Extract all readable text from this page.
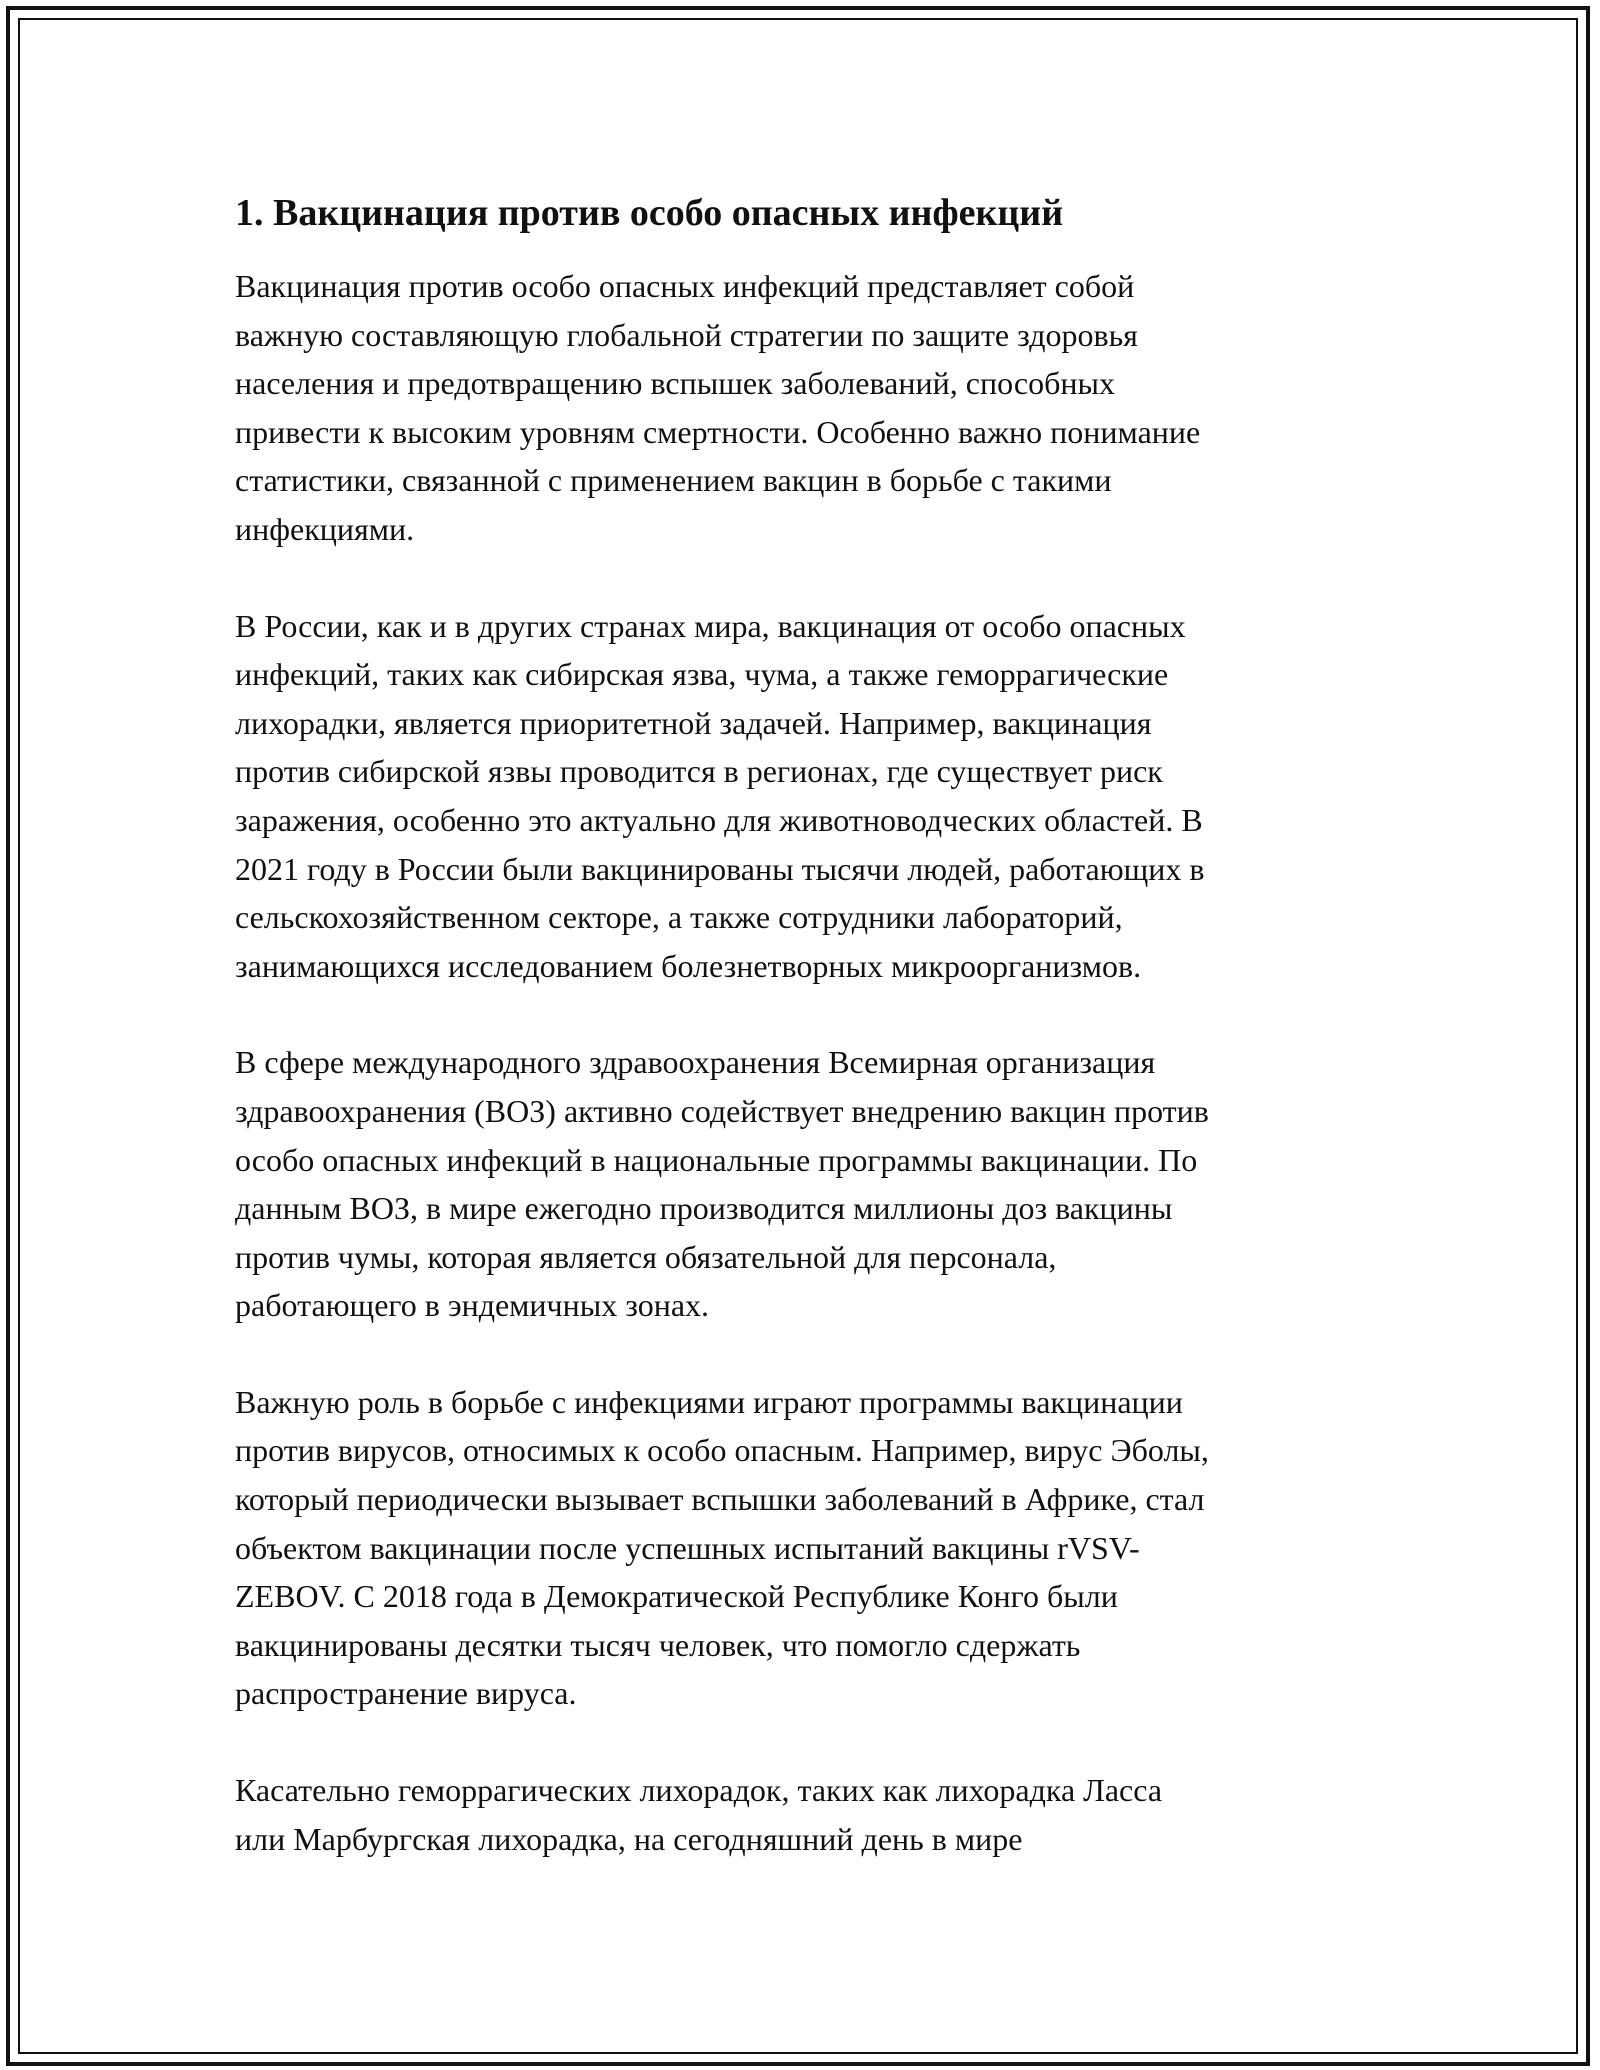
1. Вакцинация против особо опасных инфекций

Вакцинация против особо опасных инфекций представляет собой
важную составляющую глобальной стратегии по защите здоровья
населения и предотвращению вспышек заболеваний, способных
привести к высоким уровням смертности. Особенно важно понимание
статистики, связанной с применением вакцин в борьбе с такими
инфекциями.

В России, как и в других странах мира, вакцинация от особо опасных
инфекций, таких как сибирская язва, чума, а также геморрагические
лихорадки, является приоритетной задачей. Например, вакцинация
против сибирской язвы проводится в регионах, где существует риск
заражения, особенно это актуально для животноводческих областей. В
2021 году в России были вакцинированы тысячи людей, работающих в
сельскохозяйственном секторе, а также сотрудники лабораторий,
занимающихся исследованием болезнетворных микроорганизмов.

В сфере международного здравоохранения Всемирная организация
здравоохранения (ВОЗ) активно содействует внедрению вакцин против
особо опасных инфекций в национальные программы вакцинации. По
данным ВОЗ, в мире ежегодно производится миллионы доз вакцины
против чумы, которая является обязательной для персонала,
работающего в эндемичных зонах.

Важную роль в борьбе с инфекциями играют программы вакцинации
против вирусов, относимых к особо опасным. Например, вирус Эболы,
который периодически вызывает вспышки заболеваний в Африке, стал
объектом вакцинации после успешных испытаний вакцины rVSV-
ZEBOV. С 2018 года в Демократической Республике Конго были
вакцинированы десятки тысяч человек, что помогло сдержать
распространение вируса.

Касательно геморрагических лихорадок, таких как лихорадка Ласса
или Марбургская лихорадка, на сегодняшний день в мире
